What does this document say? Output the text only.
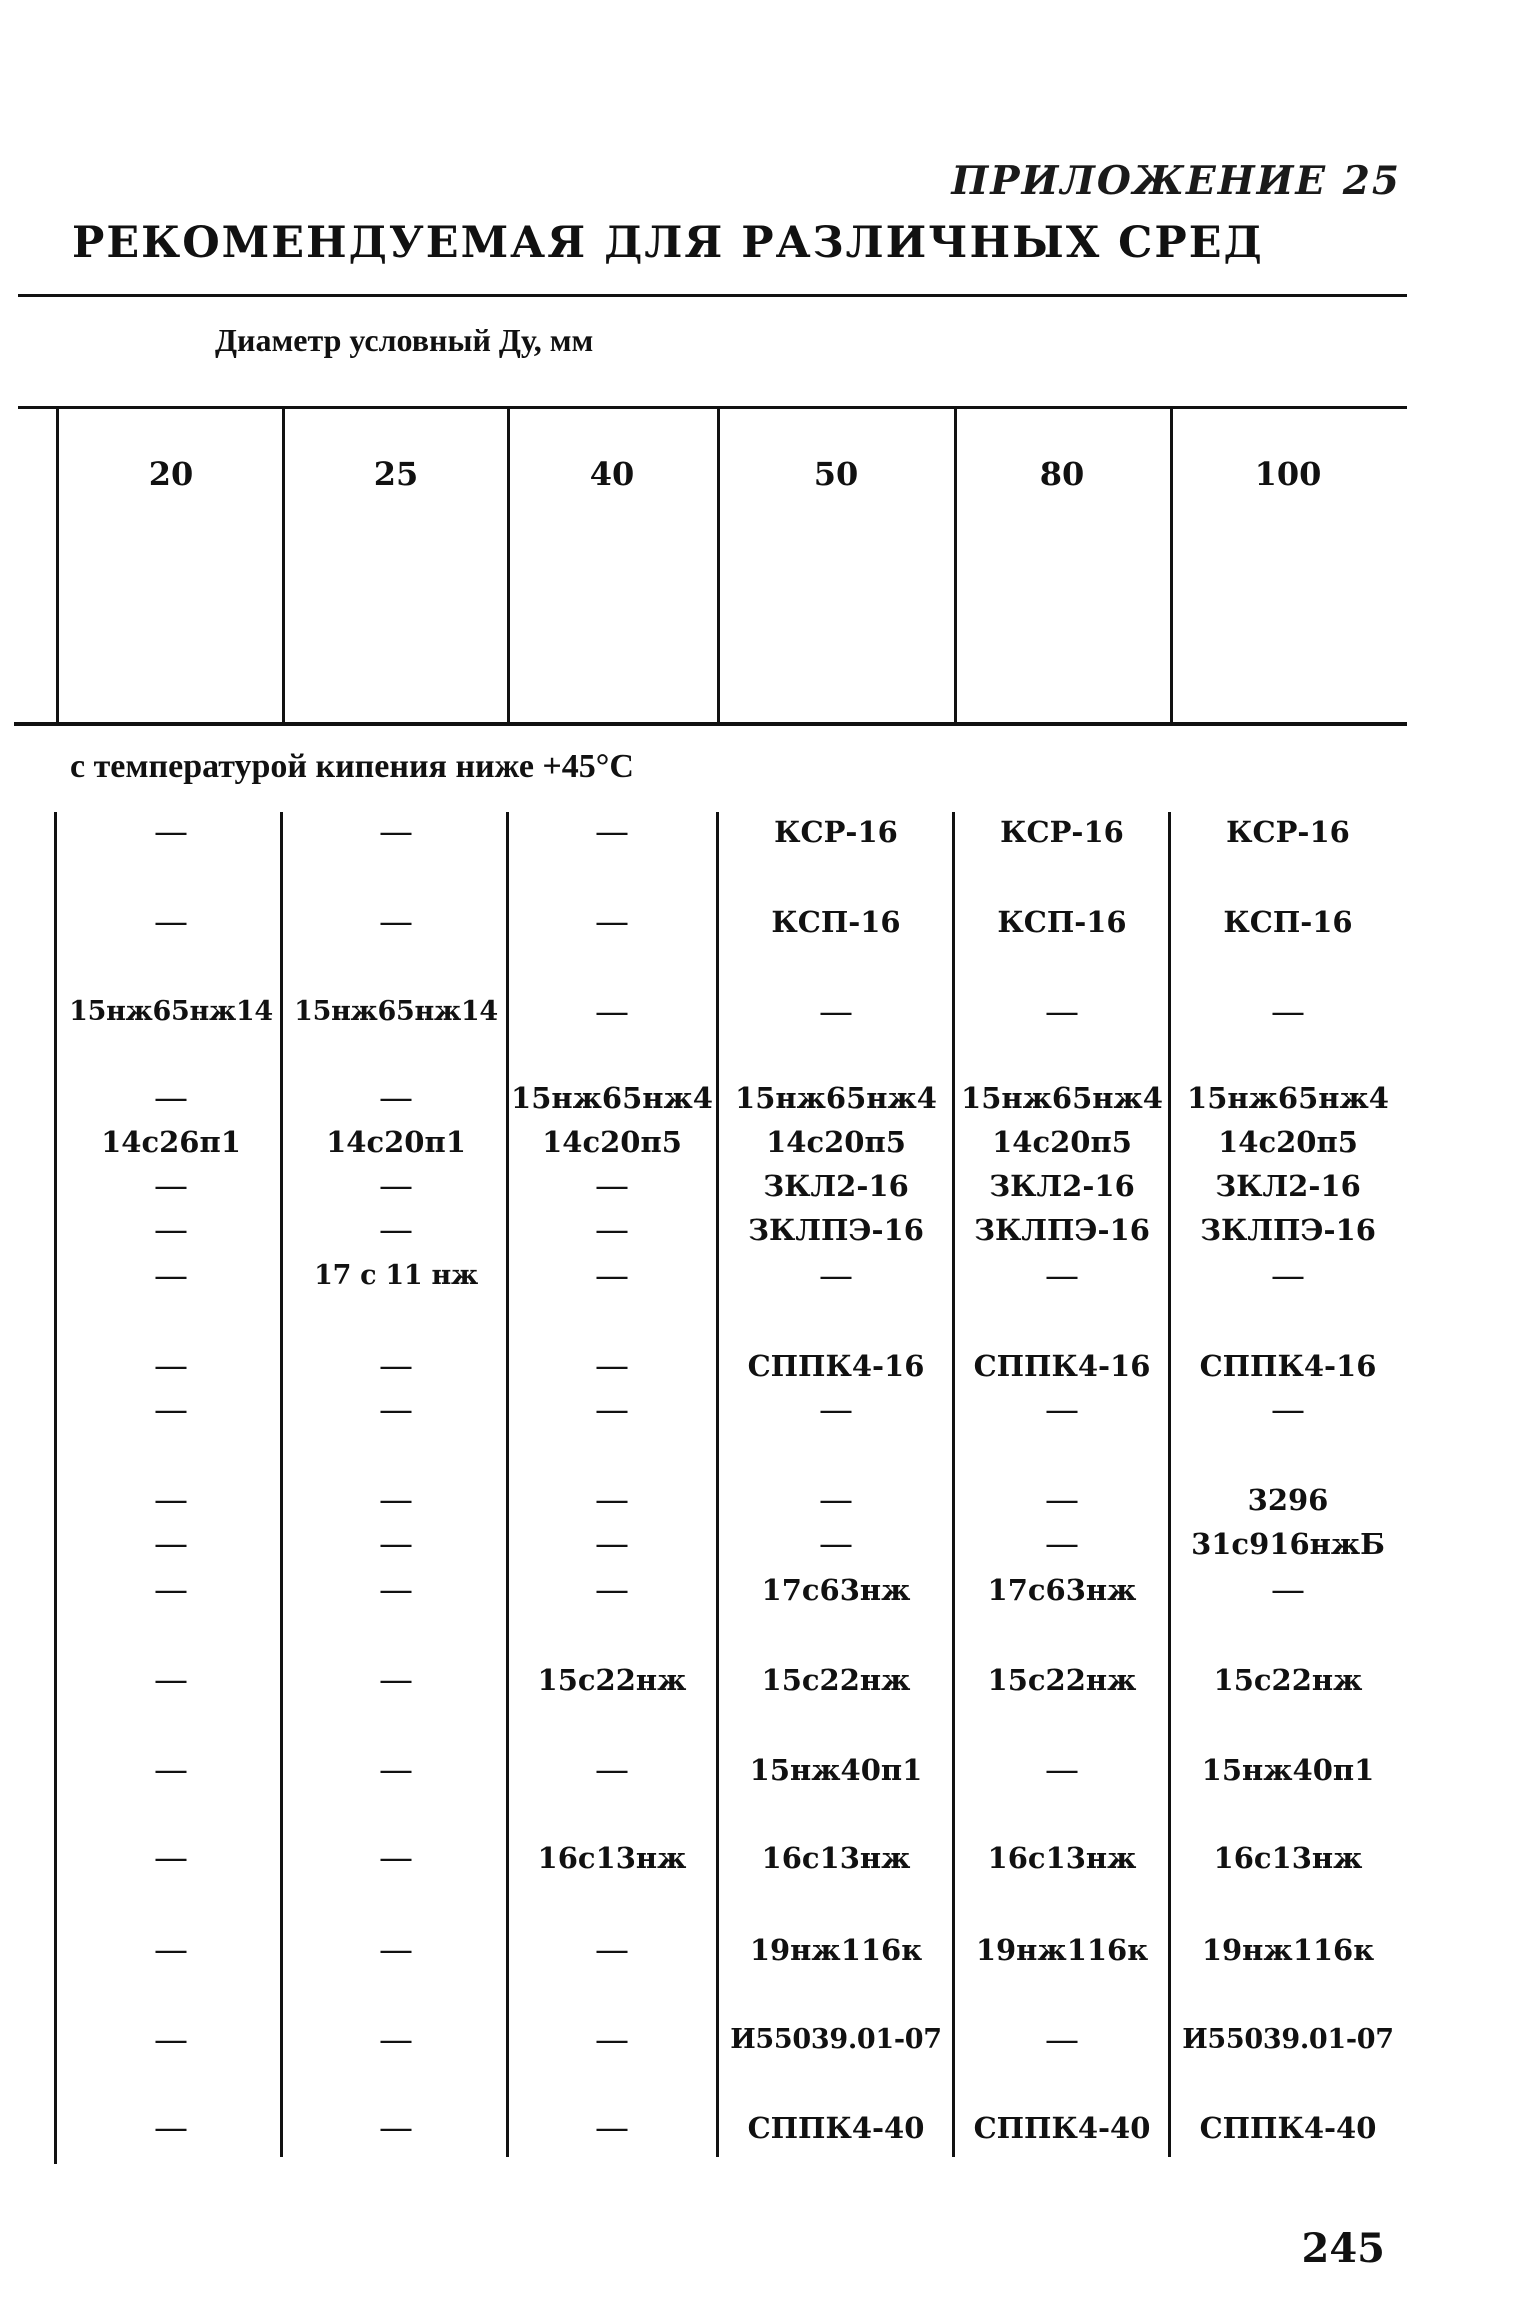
ПРИЛОЖЕНИЕ 25
РЕКОМЕНДУЕМАЯ ДЛЯ РАЗЛИЧНЫХ СРЕД
Диаметр условный Ду, мм
20	25	40	50	80	100
с температурой кипения ниже +45°С
—	—	—	КСР-16	КСР-16	КСР-16
—	—	—	КСП-16	КСП-16	КСП-16
15нж65нж14 15нж65нж14	—	—	—	—
—	—	15нж65нж4 15нж65нж4 15нж65нж4 15нж65нж4
14с26п1	14с20п1	14с20п5	14с20п5	14с20п5	14с20п5
—	—	—	ЗКЛ2-16	ЗКЛ2-16	ЗКЛ2-16
—	—	—	ЗКЛПЭ-16	ЗКЛПЭ-16	ЗКЛПЭ-16
—	17 с 11 нж	—	—	—	—
—	—	—	СППК4-16	СППК4-16	СППК4-16
—	—	—	—	—	—
—	—	—	—	—	3296
—	—	—	—	—	31с916нжБ
—	—	—	17с63нж	17с63нж	—
—	—	15с22нж	15с22нж	15с22нж	15с22нж
—	—	—	15нж40п1	—	15нж40п1
—	—	16с13нж	16с13нж	16с13нж	16с13нж
—	—	—	19нж116к	19нж116к	19нж116к
—	—	—	И55039.01-07	—	И55039.01-07
—	—	—	СППК4-40	СППК4-40	СППК4-40
245
